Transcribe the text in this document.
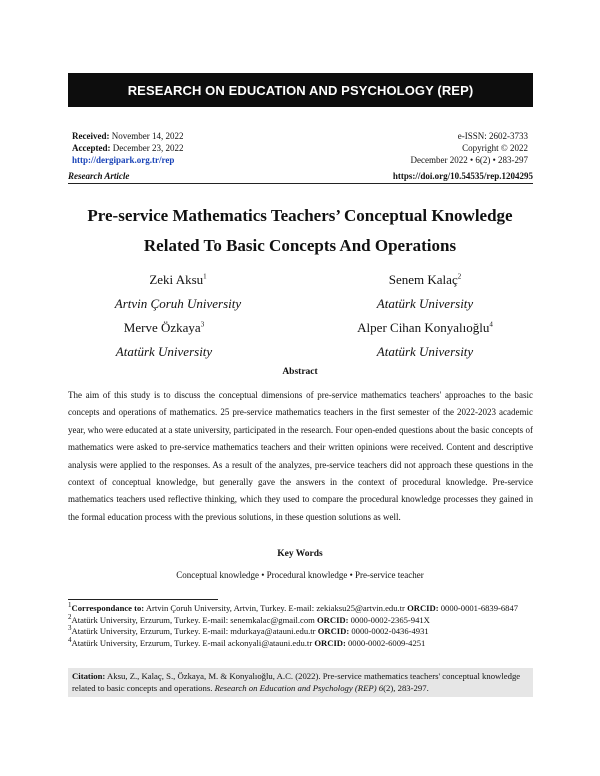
RESEARCH ON EDUCATION AND PSYCHOLOGY (REP)
Received: November 14, 2022
Accepted: December 23, 2022
http://dergipark.org.tr/rep
e-ISSN: 2602-3733
Copyright © 2022
December 2022 • 6(2) • 283-297
Research Article	https://doi.org/10.54535/rep.1204295
Pre-service Mathematics Teachers’ Conceptual Knowledge
Related To Basic Concepts And Operations
Zeki Aksu$^1$
Artvin Çoruh University
Senem Kalaç$^2$
Atatürk University
Merve Özkaya$^3$
Atatürk University
Alper Cihan Konyalıoğlu$^4$
Atatürk University
Abstract
The aim of this study is to discuss the conceptual dimensions of pre-service mathematics teachers' approaches to the basic concepts and operations of mathematics. 25 pre-service mathematics teachers in the first semester of the 2022-2023 academic year, who were educated at a state university, participated in the research. Four open-ended questions about the basic concepts of mathematics were asked to pre-service mathematics teachers and their written opinions were received. Content and descriptive analysis were applied to the responses. As a result of the analyzes, pre-service teachers did not approach these questions in the context of conceptual knowledge, but generally gave the answers in the context of procedural knowledge. Pre-service mathematics teachers used reflective thinking, which they used to compare the procedural knowledge processes they gained in the formal education process with the previous solutions, in these question solutions as well.
Key Words
Conceptual knowledge • Procedural knowledge • Pre-service teacher

$^1$Correspondance to: Artvin Çoruh University, Artvin, Turkey. E-mail: zekiaksu25@artvin.edu.tr ORCID: 0000-0001-6839-6847

$^2$Atatürk University, Erzurum, Turkey. E-mail: senemkalac@gmail.com ORCID: 0000-0002-2365-941X

$^3$Atatürk University, Erzurum, Turkey. E-mail: mdurkaya@atauni.edu.tr ORCID: 0000-0002-0436-4931

$^4$Atatürk University, Erzurum, Turkey. E-mail ackonyali@atauni.edu.tr ORCID: 0000-0002-6009-4251

Citation: Aksu, Z., Kalaç, S., Özkaya, M. & Konyalıoğlu, A.C. (2022). Pre-service mathematics teachers' conceptual knowledge related to basic concepts and operations. Research on Education and Psychology (REP) 6(2), 283-297.
